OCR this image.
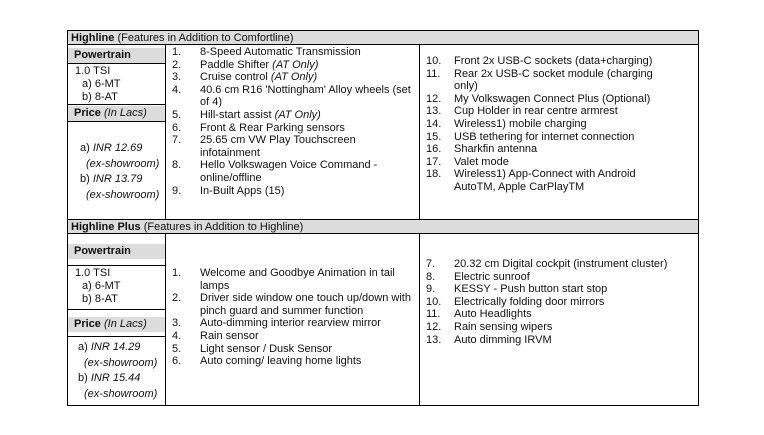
Highline (Features in Addition to Comfortline)
Powertrain
1.0 TSI
a) 6-MT
b) 8-AT
Price (In Lacs)
a) INR 12.69
(ex-showroom)
b) INR 13.79
(ex-showroom)
1. 8-Speed Automatic Transmission
2. Paddle Shifter (AT Only)
3. Cruise control (AT Only)
4. 40.6 cm R16 'Nottingham' Alloy wheels (set of 4)
5. Hill-start assist (AT Only)
6. Front & Rear Parking sensors
7. 25.65 cm VW Play Touchscreen infotainment
8. Hello Volkswagen Voice Command - online/offline
9. In-Built Apps (15)
10. Front 2x USB-C sockets (data+charging)
11. Rear 2x USB-C socket module (charging only)
12. My Volkswagen Connect Plus (Optional)
13. Cup Holder in rear centre armrest
14. Wireless1) mobile charging
15. USB tethering for internet connection
16. Sharkfin antenna
17. Valet mode
18. Wireless1) App-Connect with Android AutoTM, Apple CarPlayTM
Highline Plus (Features in Addition to Highline)
Powertrain
1.0 TSI
a) 6-MT
b) 8-AT
Price (In Lacs)
a) INR 14.29
(ex-showroom)
b) INR 15.44
(ex-showroom)
1. Welcome and Goodbye Animation in tail lamps
2. Driver side window one touch up/down with pinch guard and summer function
3. Auto-dimming interior rearview mirror
4. Rain sensor
5. Light sensor / Dusk Sensor
6. Auto coming/ leaving home lights
7. 20.32 cm Digital cockpit (instrument cluster)
8. Electric sunroof
9. KESSY - Push button start stop
10. Electrically folding door mirrors
11. Auto Headlights
12. Rain sensing wipers
13. Auto dimming IRVM
